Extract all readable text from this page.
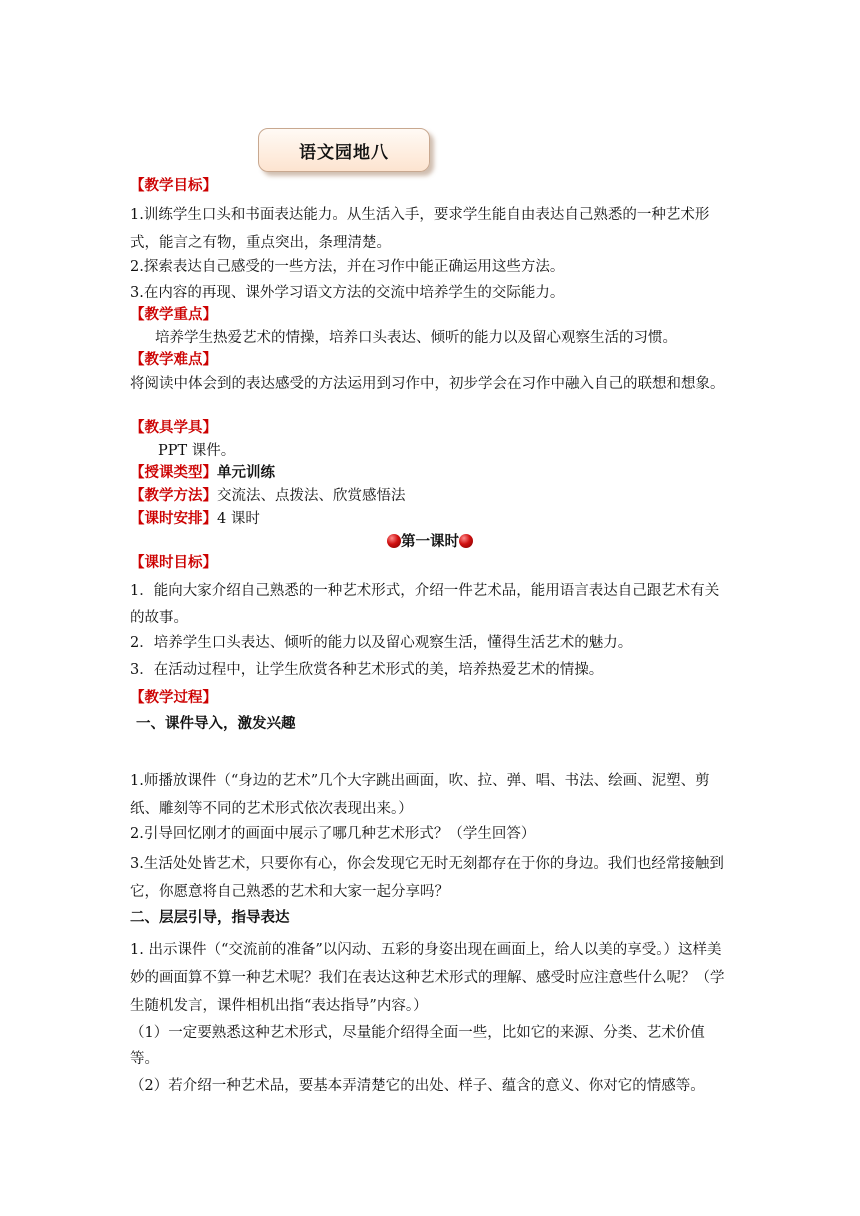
语文园地八
【教学目标】
1.训练学生口头和书面表达能力。从生活入手，要求学生能自由表达自己熟悉的一种艺术形式，能言之有物，重点突出，条理清楚。
2.探索表达自己感受的一些方法，并在习作中能正确运用这些方法。
3.在内容的再现、课外学习语文方法的交流中培养学生的交际能力。
【教学重点】
培养学生热爱艺术的情操，培养口头表达、倾听的能力以及留心观察生活的习惯。
【教学难点】
将阅读中体会到的表达感受的方法运用到习作中，初步学会在习作中融入自己的联想和想象。
【教具学具】
PPT 课件。
【授课类型】单元训练
【教学方法】交流法、点拨法、欣赏感悟法
【课时安排】4 课时
第一课时
【课时目标】
1．能向大家介绍自己熟悉的一种艺术形式，介绍一件艺术品，能用语言表达自己跟艺术有关的故事。
2．培养学生口头表达、倾听的能力以及留心观察生活，懂得生活艺术的魅力。
3．在活动过程中，让学生欣赏各种艺术形式的美，培养热爱艺术的情操。
【教学过程】
一、课件导入，激发兴趣
1.师播放课件（“身边的艺术”几个大字跳出画面，吹、拉、弹、唱、书法、绘画、泥塑、剪纸、雕刻等不同的艺术形式依次表现出来。）
2.引导回忆刚才的画面中展示了哪几种艺术形式？（学生回答）
3.生活处处皆艺术，只要你有心，你会发现它无时无刻都存在于你的身边。我们也经常接触到它，你愿意将自己熟悉的艺术和大家一起分享吗？
二、层层引导，指导表达
1. 出示课件（“交流前的准备”以闪动、五彩的身姿出现在画面上，给人以美的享受。）这样美妙的画面算不算一种艺术呢？我们在表达这种艺术形式的理解、感受时应注意些什么呢？（学生随机发言，课件相机出指“表达指导”内容。）
（1）一定要熟悉这种艺术形式，尽量能介绍得全面一些，比如它的来源、分类、艺术价值等。
（2）若介绍一种艺术品，要基本弄清楚它的出处、样子、蕴含的意义、你对它的情感等。
